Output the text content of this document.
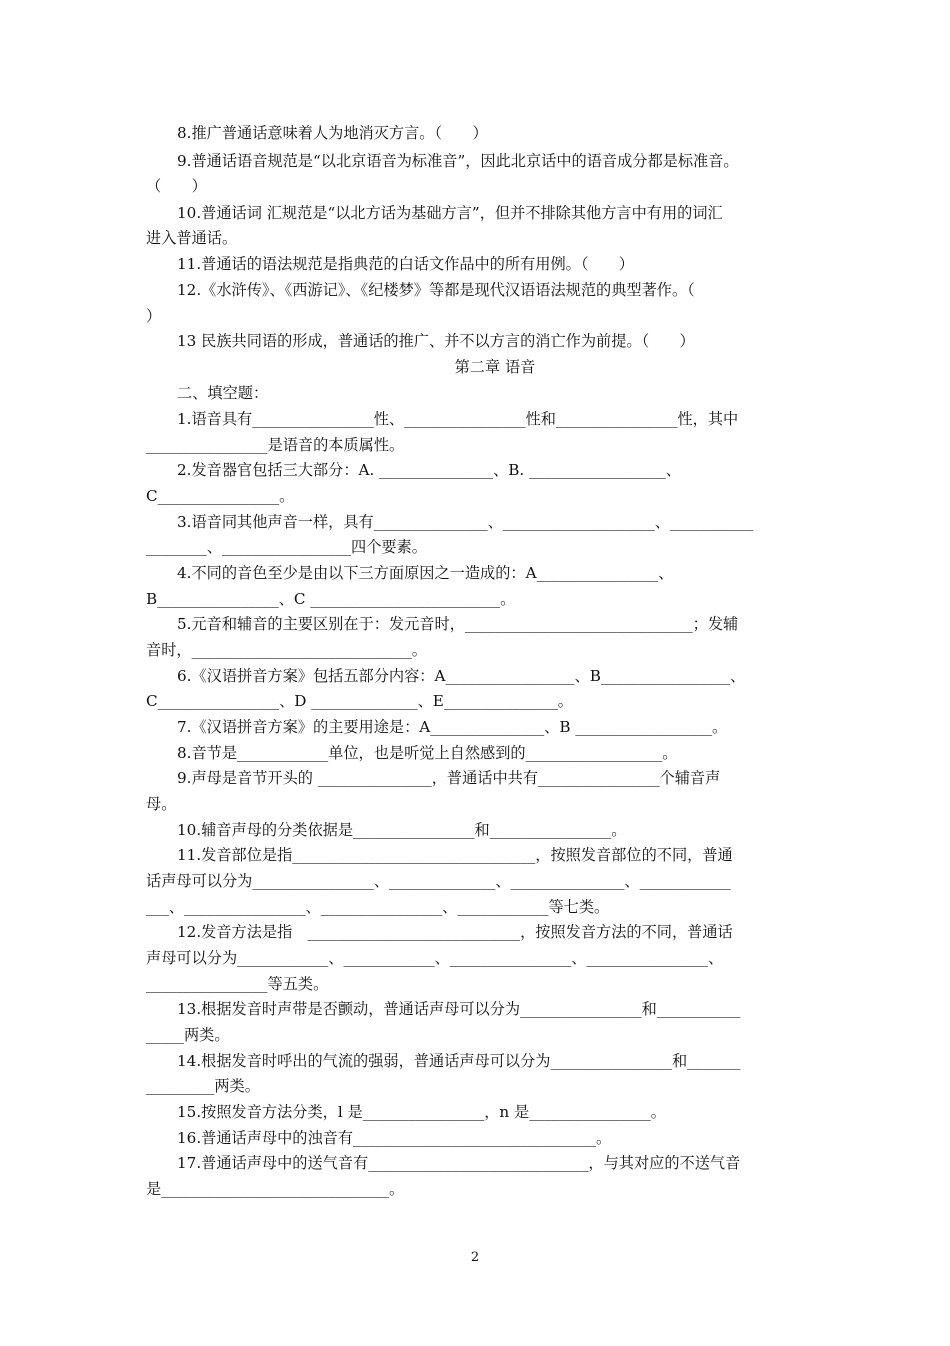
8.推广普通话意味着人为地消灭方言。（　　）
9.普通话语音规范是“以北京语音为标准音”，因此北京话中的语音成分都是标准音。
（　　）
10.普通话词 汇规范是“以北方话为基础方言”，但并不排除其他方言中有用的词汇
进入普通话。
11.普通话的语法规范是指典范的白话文作品中的所有用例。（　　）
12.《水浒传》、《西游记》、《纪楼梦》等都是现代汉语语法规范的典型著作。（
）
13 民族共同语的形成，普通话的推广、并不以方言的消亡作为前提。（　　）
第二章 语音
二、填空题：
1.语音具有________________性、________________性和________________性，其中
________________是语音的本质属性。
2.发音器官包括三大部分：A. _______________、B. __________________、
C________________。
3.语音同其他声音一样，具有_______________、____________________、___________
________、_________________四个要素。
4.不同的音色至少是由以下三方面原因之一造成的：A________________、
B________________、C _________________________。
5.元音和辅音的主要区别在于：发元音时，______________________________；发辅
音时，_____________________________。
6.《汉语拼音方案》包括五部分内容：A_________________、B_________________、
C________________、D ______________、E_______________。
7.《汉语拼音方案》的主要用途是：A_______________、B __________________。
8.音节是____________单位，也是听觉上自然感到的__________________。
9.声母是音节开头的 _______________，普通话中共有________________个辅音声
母。
10.辅音声母的分类依据是________________和________________。
11.发音部位是指________________________________，按照发音部位的不同，普通
话声母可以分为________________、______________、_______________、____________
___、________________、________________、____________等七类。
12.发音方法是指　____________________________，按照发音方法的不同，普通话
声母可以分为____________、____________、________________、________________、
________________等五类。
13.根据发音时声带是否颤动，普通话声母可以分为________________和___________
_____两类。
14.根据发音时呼出的气流的强弱，普通话声母可以分为________________和_______
_________两类。
15.按照发音方法分类，l 是________________，n 是________________。
16.普通话声母中的浊音有________________________________。
17.普通话声母中的送气音有_____________________________，与其对应的不送气音
是______________________________。
2
